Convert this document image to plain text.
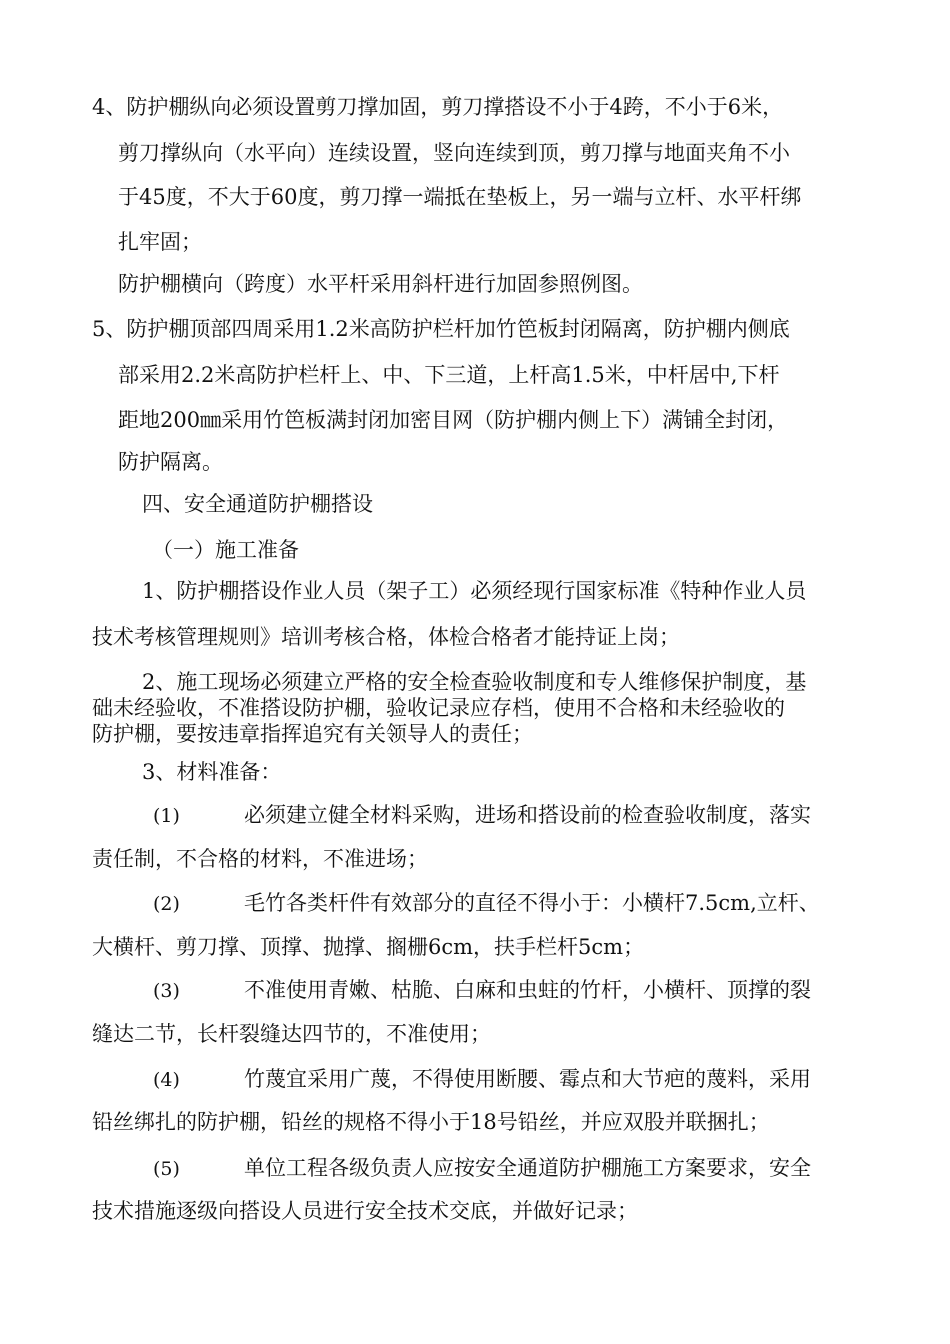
4、防护棚纵向必须设置剪刀撑加固，剪刀撑搭设不小于4跨，不小于6米，
剪刀撑纵向（水平向）连续设置，竖向连续到顶，剪刀撑与地面夹角不小
于45度，不大于60度，剪刀撑一端抵在垫板上，另一端与立杆、水平杆绑
扎牢固；
防护棚横向（跨度）水平杆采用斜杆进行加固参照例图。
5、防护棚顶部四周采用1.2米高防护栏杆加竹笆板封闭隔离，防护棚内侧底
部采用2.2米高防护栏杆上、中、下三道，上杆高1.5米，中杆居中,下杆
距地200㎜采用竹笆板满封闭加密目网（防护棚内侧上下）满铺全封闭，
防护隔离。
四、安全通道防护棚搭设
（一）施工准备
1、防护棚搭设作业人员（架子工）必须经现行国家标准《特种作业人员
技术考核管理规则》培训考核合格，体检合格者才能持证上岗；
2、施工现场必须建立严格的安全检查验收制度和专人维修保护制度，基
础未经验收，不准搭设防护棚，验收记录应存档，使用不合格和未经验收的
防护棚，要按违章指挥追究有关领导人的责任；
3、材料准备：
(1)	必须建立健全材料采购，进场和搭设前的检查验收制度，落实
责任制，不合格的材料，不准进场；
(2)	毛竹各类杆件有效部分的直径不得小于：小横杆7.5cm,立杆、
大横杆、剪刀撑、顶撑、抛撑、搁栅6cm，扶手栏杆5cm；
(3)	不准使用青嫩、枯脆、白麻和虫蛀的竹杆，小横杆、顶撑的裂
缝达二节，长杆裂缝达四节的，不准使用；
(4)	竹蔑宜采用广蔑，不得使用断腰、霉点和大节疤的蔑料，采用
铅丝绑扎的防护棚，铅丝的规格不得小于18号铅丝，并应双股并联捆扎；
(5)	单位工程各级负责人应按安全通道防护棚施工方案要求，安全
技术措施逐级向搭设人员进行安全技术交底，并做好记录；
